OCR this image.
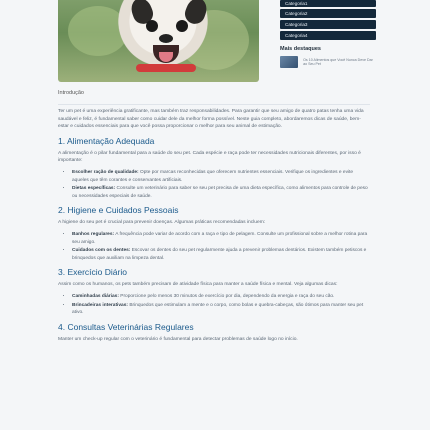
Introdução
Categoria1
Categoria2
Categoria3
Categoria4
Mais destaques
Os 10 Alimentos que Você Nunca Deve Dar ao Seu Pet

Ter um pet é uma experiência gratificante, mas também traz responsabilidades. Para garantir que seu amigo de quatro patas tenha uma vida saudável e feliz, é fundamental saber como cuidar dele da melhor forma possível. Neste guia completo, abordaremos dicas de saúde, bem-estar e cuidados essenciais para que você possa proporcionar o melhor para seu animal de estimação.

1. Alimentação Adequada

A alimentação é o pilar fundamental para a saúde do seu pet. Cada espécie e raça pode ter necessidades nutricionais diferentes, por isso é importante:

• Escolher ração de qualidade: Opte por marcas reconhecidas que oferecem nutrientes essenciais. Verifique os ingredientes e evite aqueles que têm corantes e conservantes artificiais.
• Dietas específicas: Consulte um veterinário para saber se seu pet precisa de uma dieta específica, como alimentos para controle de peso ou necessidades especiais de saúde.
2. Higiene e Cuidados Pessoais

A higiene do seu pet é crucial para prevenir doenças. Algumas práticas recomendadas incluem:

• Banhos regulares: A frequência pode variar de acordo com a raça e tipo de pelagem. Consulte um profissional sobre a melhor rotina para seu amigo.
• Cuidados com os dentes: Escovar os dentes do seu pet regularmente ajuda a prevenir problemas dentários. Existem também petiscos e brinquedos que auxiliam na limpeza dental.
3. Exercício Diário

Assim como os humanos, os pets também precisam de atividade física para manter a saúde física e mental. Veja algumas dicas:

• Caminhadas diárias: Proporcione pelo menos 30 minutos de exercício por dia, dependendo da energia e raça do seu cão.
• Brincadeiras interativas: Brinquedos que estimulam a mente e o corpo, como bolas e quebra-cabeças, são ótimos para manter seu pet ativo.
4. Consultas Veterinárias Regulares

Manter um check-up regular com o veterinário é fundamental para detectar problemas de saúde logo no início.
